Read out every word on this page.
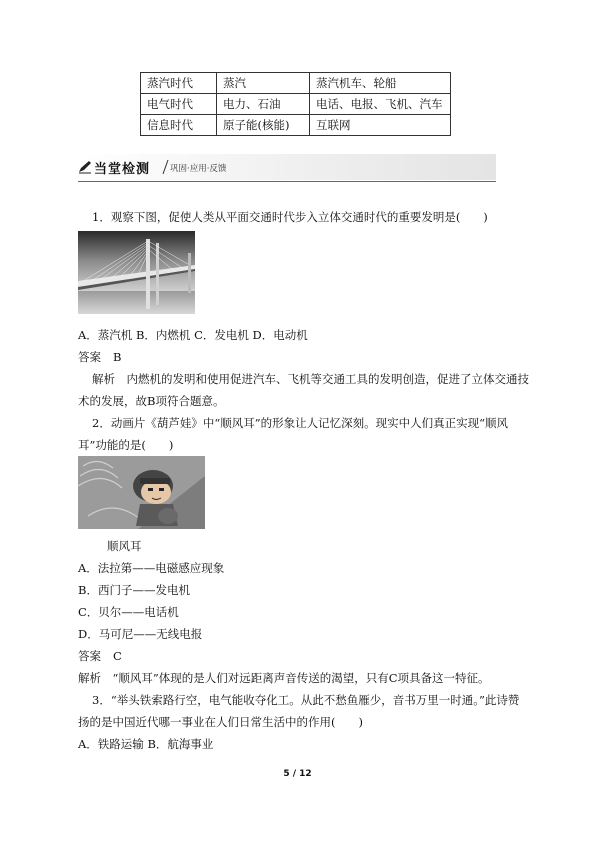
蒸汽时代	蒸汽	蒸汽机车、轮船
电气时代	电力、石油	电话、电报、飞机、汽车
信息时代	原子能(核能)	互联网
当堂检测 巩固·应用·反馈
1．观察下图，促使人类从平面交通时代步入立体交通时代的重要发明是(　　)
A．蒸汽机 B．内燃机 C．发电机 D．电动机
答案 B
解析　内燃机的发明和使用促进汽车、飞机等交通工具的发明创造，促进了立体交通技
术的发展，故B项符合题意。
2．动画片《葫芦娃》中“顺风耳”的形象让人记忆深刻。现实中人们真正实现“顺风
耳”功能的是(　　)
顺风耳
A．法拉第——电磁感应现象
B．西门子——发电机
C．贝尔——电话机
D．马可尼——无线电报
答案 C
解析　“顺风耳”体现的是人们对远距离声音传送的渴望，只有C项具备这一特征。
3．“举头铁索路行空，电气能收夺化工。从此不愁鱼雁少，音书万里一时通。”此诗赞
扬的是中国近代哪一事业在人们日常生活中的作用(　　)
A．铁路运输 B．航海事业
5 / 12
